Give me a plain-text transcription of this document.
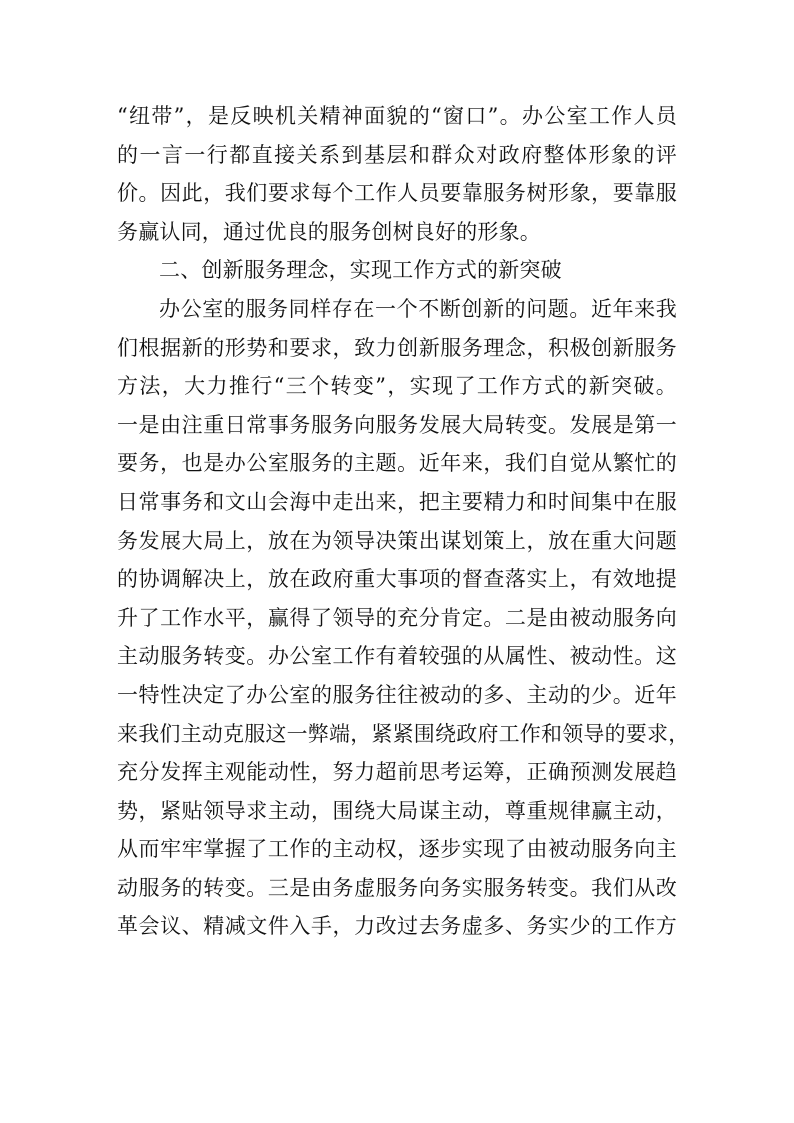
“纽带”，是反映机关精神面貌的“窗口”。办公室工作人员
的一言一行都直接关系到基层和群众对政府整体形象的评
价。因此，我们要求每个工作人员要靠服务树形象，要靠服
务赢认同，通过优良的服务创树良好的形象。
二、创新服务理念，实现工作方式的新突破
办公室的服务同样存在一个不断创新的问题。近年来我
们根据新的形势和要求，致力创新服务理念，积极创新服务
方法，大力推行“三个转变”，实现了工作方式的新突破。
一是由注重日常事务服务向服务发展大局转变。发展是第一
要务，也是办公室服务的主题。近年来，我们自觉从繁忙的
日常事务和文山会海中走出来，把主要精力和时间集中在服
务发展大局上，放在为领导决策出谋划策上，放在重大问题
的协调解决上，放在政府重大事项的督查落实上，有效地提
升了工作水平，赢得了领导的充分肯定。二是由被动服务向
主动服务转变。办公室工作有着较强的从属性、被动性。这
一特性决定了办公室的服务往往被动的多、主动的少。近年
来我们主动克服这一弊端，紧紧围绕政府工作和领导的要求，
充分发挥主观能动性，努力超前思考运筹，正确预测发展趋
势，紧贴领导求主动，围绕大局谋主动，尊重规律赢主动，
从而牢牢掌握了工作的主动权，逐步实现了由被动服务向主
动服务的转变。三是由务虚服务向务实服务转变。我们从改
革会议、精减文件入手，力改过去务虚多、务实少的工作方
